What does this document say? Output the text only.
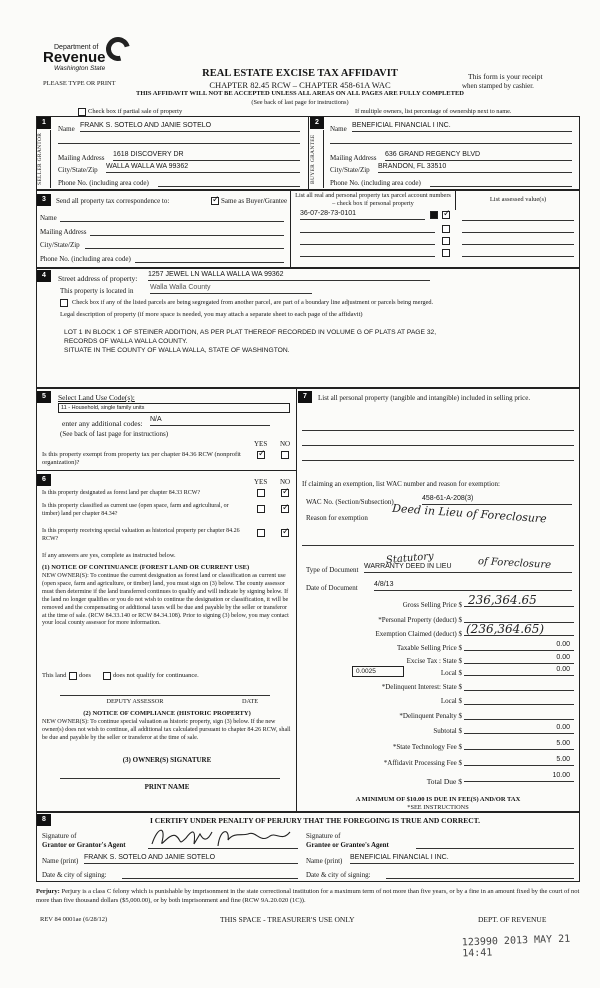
Department of
Revenue
Washington State
PLEASE TYPE OR PRINT
REAL ESTATE EXCISE TAX AFFIDAVIT
CHAPTER 82.45 RCW – CHAPTER 458-61A WAC
THIS AFFIDAVIT WILL NOT BE ACCEPTED UNLESS ALL AREAS ON ALL PAGES ARE FULLY COMPLETED
(See back of last page for instructions)
This form is your receipt
when stamped by cashier.
Check box if partial sale of property	If multiple owners, list percentage of ownership next to name.
1
SELLER GRANTOR
Name FRANK S. SOTELO AND JANIE SOTELO
Mailing Address 1618 DISCOVERY DR
City/State/Zip WALLA WALLA WA 99362
Phone No. (including area code)
2
BUYER GRANTEE
Name BENEFICIAL FINANCIAL I INC.
Mailing Address 636 GRAND REGENCY BLVD
City/State/Zip BRANDON, FL 33510
Phone No. (including area code)
3	Send all property tax correspondence to:
✓	Same as Buyer/Grantee
Name
Mailing Address
City/State/Zip
Phone No. (including area code)
List all real and personal property tax parcel account numbers – check box if personal property	List assessed value(s)
36-07-28-73-0101
✓
4	Street address of property: 1257 JEWEL LN WALLA WALLA WA 99362
This property is located in Walla Walla County
Check box if any of the listed parcels are being segregated from another parcel, are part of a boundary line adjustment or parcels being merged.
Legal description of property (if more space is needed, you may attach a separate sheet to each page of the affidavit)
LOT 1 IN BLOCK 1 OF STEINER ADDITION, AS PER PLAT THEREOF RECORDED IN VOLUME G OF PLATS AT PAGE 32,
RECORDS OF WALLA WALLA COUNTY.
SITUATE IN THE COUNTY OF WALLA WALLA, STATE OF WASHINGTON.
5	Select Land Use Code(s):
11 - Household, single family units
enter any additional codes: N/A
(See back of last page for instructions)
YES NO
Is this property exempt from property tax per chapter 84.36 RCW (nonprofit organization)?
✓
6	YES NO
Is this property designated as forest land per chapter 84.33 RCW?
✓
Is this property classified as current use (open space, farm and agricultural, or timber) land per chapter 84.34?
✓
Is this property receiving special valuation as historical property per chapter 84.26 RCW?
✓
If any answers are yes, complete as instructed below.
(1) NOTICE OF CONTINUANCE (FOREST LAND OR CURRENT USE)
NEW OWNER(S): To continue the current designation as forest land or classification as current use (open space, farm and agriculture, or timber) land, you must sign on (3) below. The county assessor must then determine if the land transferred continues to qualify and will indicate by signing below. If the land no longer qualifies or you do not wish to continue the designation or classification, it will be removed and the compensating or additional taxes will be due and payable by the seller or transferor at the time of sale. (RCW 84.33.140 or RCW 84.34.108). Prior to signing (3) below, you may contact your local county assessor for more information.
This land does	does not qualify for continuance.
DEPUTY ASSESSOR	DATE
(2) NOTICE OF COMPLIANCE (HISTORIC PROPERTY)
NEW OWNER(S): To continue special valuation as historic property, sign (3) below. If the new owner(s) does not wish to continue, all additional tax calculated pursuant to chapter 84.26 RCW, shall be due and payable by the seller or transferor at the time of sale.
(3) OWNER(S) SIGNATURE
PRINT NAME
7	List all personal property (tangible and intangible) included in selling price.
If claiming an exemption, list WAC number and reason for exemption:
WAC No. (Section/Subsection)	458-61-A-208(3)
Reason for exemption Deed in Lieu of Foreclosure
Statutory
Type of Document WARRANTY DEED IN LIEU	of Foreclosure
Date of Document 4/8/13
Gross Selling Price $ 236,364.65
*Personal Property (deduct) $
Exemption Claimed (deduct) $ (236,364.65)
Taxable Selling Price $	0.00
Excise Tax : State $	0.00
0.0025	Local $	0.00
*Delinquent Interest: State $
Local $
*Delinquent Penalty $
Subtotal $	0.00
*State Technology Fee $	5.00
*Affidavit Processing Fee $	5.00
Total Due $
10.00
A MINIMUM OF $10.00 IS DUE IN FEE(S) AND/OR TAX
*SEE INSTRUCTIONS
8	I CERTIFY UNDER PENALTY OF PERJURY THAT THE FOREGOING IS TRUE AND CORRECT.
Signature of
Grantor or Grantor's Agent
Signature of
Grantee or Grantee's Agent
Name (print) FRANK S. SOTELO AND JANIE SOTELO	Name (print) BENEFICIAL FINANCIAL I INC.
Date & city of signing:	Date & city of signing:
Perjury: Perjury is a class C felony which is punishable by imprisonment in the state correctional institution for a maximum term of not more than five years, or by a fine in an amount fixed by the court of not more than five thousand dollars ($5,000.00), or by both imprisonment and fine (RCW 9A.20.020 (1C)).
REV 84 0001ae (6/28/12)	THIS SPACE - TREASURER'S USE ONLY	DEPT. OF REVENUE
123990 2013 MAY 21 14:41
